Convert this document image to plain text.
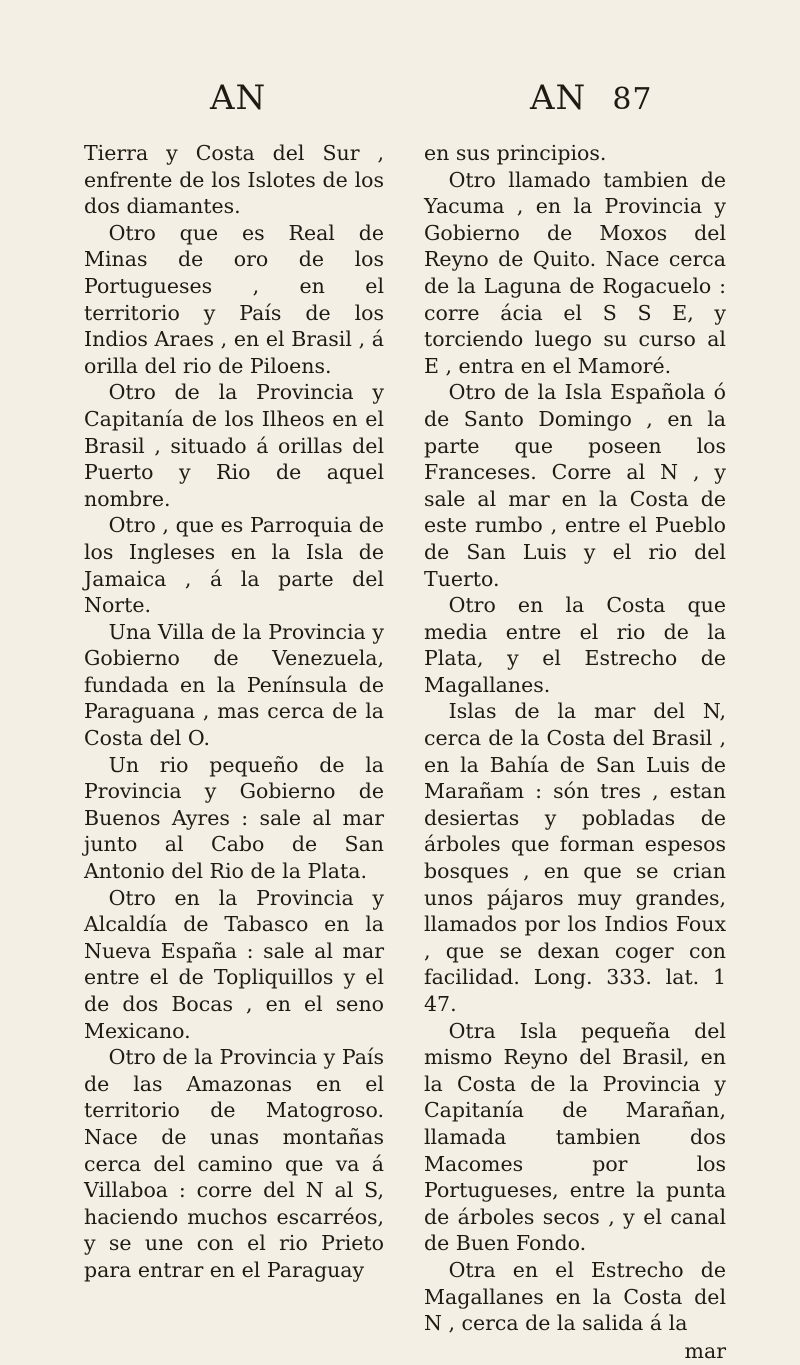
AN	AN 87

Tierra y Costa del Sur , enfrente de los Islotes de los dos diamantes.

Otro que es Real de Minas de oro de los Portugueses , en el territorio y País de los Indios Araes , en el Brasil , á orilla del rio de Piloens.

Otro de la Provincia y Capitanía de los Ilheos en el Brasil , situado á orillas del Puerto y Rio de aquel nombre.

Otro , que es Parroquia de los Ingleses en la Isla de Jamaica , á la parte del Norte.

Una Villa de la Provincia y Gobierno de Venezuela, fundada en la Península de Paraguana , mas cerca de la Costa del O.

Un rio pequeño de la Provincia y Gobierno de Buenos Ayres : sale al mar junto al Cabo de San Antonio del Rio de la Plata.

Otro en la Provincia y Alcaldía de Tabasco en la Nueva España : sale al mar entre el de Topliquillos y el de dos Bocas , en el seno Mexicano.

Otro de la Provincia y País de las Amazonas en el territorio de Matogroso. Nace de unas montañas cerca del camino que va á Villaboa : corre del N al S, haciendo muchos escarréos, y se une con el rio Prieto para entrar en el Paraguay

en sus principios.

Otro llamado tambien de Yacuma , en la Provincia y Gobierno de Moxos del Reyno de Quito. Nace cerca de la Laguna de Rogacuelo : corre ácia el S S E, y torciendo luego su curso al E , entra en el Mamoré.

Otro de la Isla Española ó de Santo Domingo , en la parte que poseen los Franceses. Corre al N , y sale al mar en la Costa de este rumbo , entre el Pueblo de San Luis y el rio del Tuerto.

Otro en la Costa que media entre el rio de la Plata, y el Estrecho de Magallanes.

Islas de la mar del N, cerca de la Costa del Brasil , en la Bahía de San Luis de Marañam : són tres , estan desiertas y pobladas de árboles que forman espesos bosques , en que se crian unos pájaros muy grandes, llamados por los Indios Foux , que se dexan coger con facilidad. Long. 333. lat. 1 47.

Otra Isla pequeña del mismo Reyno del Brasil, en la Costa de la Provincia y Capitanía de Marañan, llamada tambien dos Macomes por los Portugueses, entre la punta de árboles secos , y el canal de Buen Fondo.

Otra en el Estrecho de Magallanes en la Costa del N , cerca de la salida á la

mar
